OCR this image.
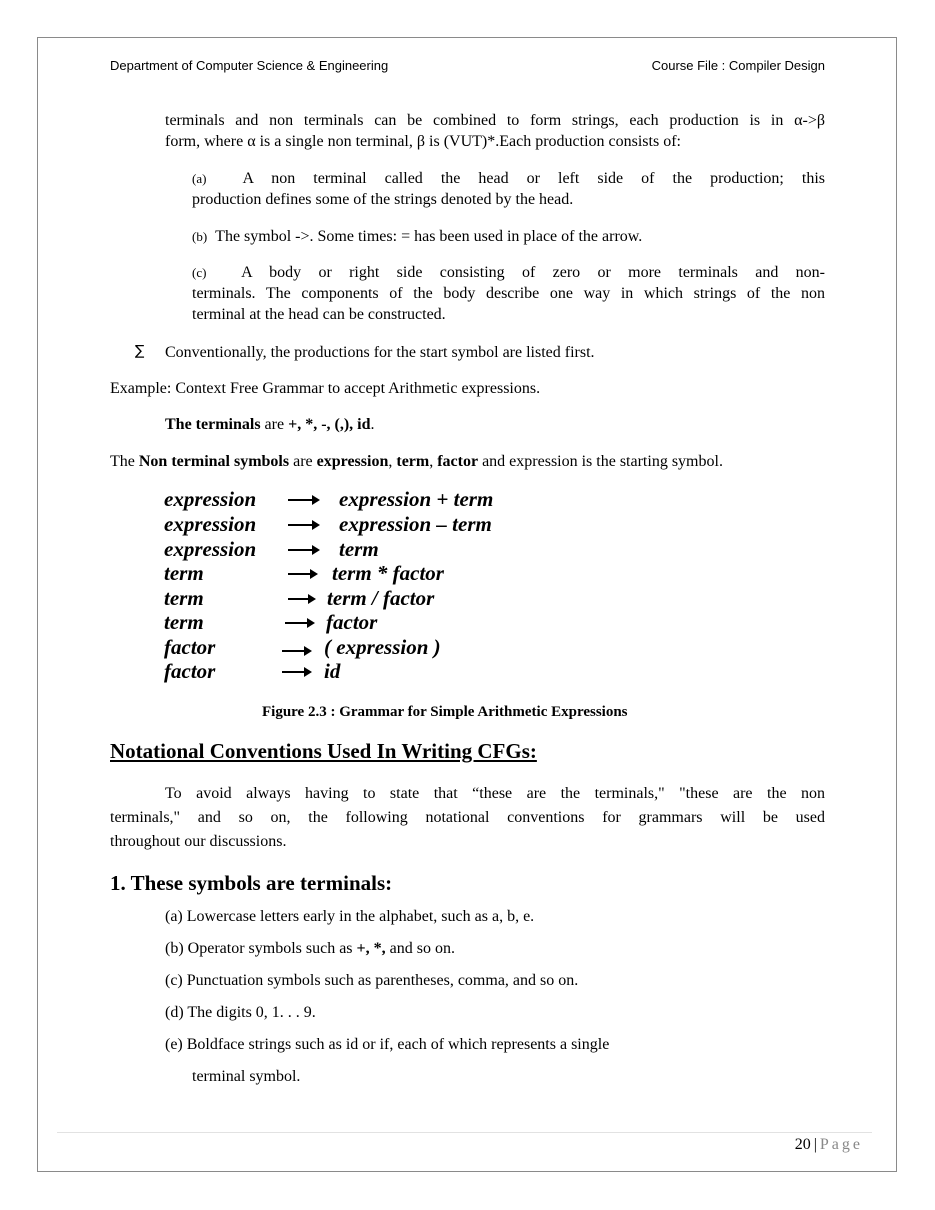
Department of Computer Science & Engineering	Course File : Compiler Design
terminals and non terminals can be combined to form strings, each production is in α->β
form, where α is a single non terminal, β is (VUT)*.Each production consists of:
(a) A non terminal called the head or left side of the production; this
production defines some of the strings denoted by the head.
(b) The symbol ->. Some times: = has been used in place of the arrow.
(c) A body or right side consisting of zero or more terminals and non-
terminals. The components of the body describe one way in which strings of the non
terminal at the head can be constructed.
∑ Conventionally, the productions for the start symbol are listed first.
Example: Context Free Grammar to accept Arithmetic expressions.
The terminals are +, *, -, (,), id.
The Non terminal symbols are expression, term, factor and expression is the starting symbol.
expression	expression + term
expression	expression – term
expression	term
term	term * factor
term	term / factor
term	factor
factor	( expression )
factor	id
Figure 2.3 : Grammar for Simple Arithmetic Expressions
Notational Conventions Used In Writing CFGs:
To avoid always having to state that “these are the terminals," "these are the non
terminals," and so on, the following notational conventions for grammars will be used
throughout our discussions.
1. These symbols are terminals:
(a) Lowercase letters early in the alphabet, such as a, b, e.
(b) Operator symbols such as +, *, and so on.
(c) Punctuation symbols such as parentheses, comma, and so on.
(d) The digits 0, 1. . . 9.
(e) Boldface strings such as id or if, each of which represents a single
terminal symbol.
20 | Page
